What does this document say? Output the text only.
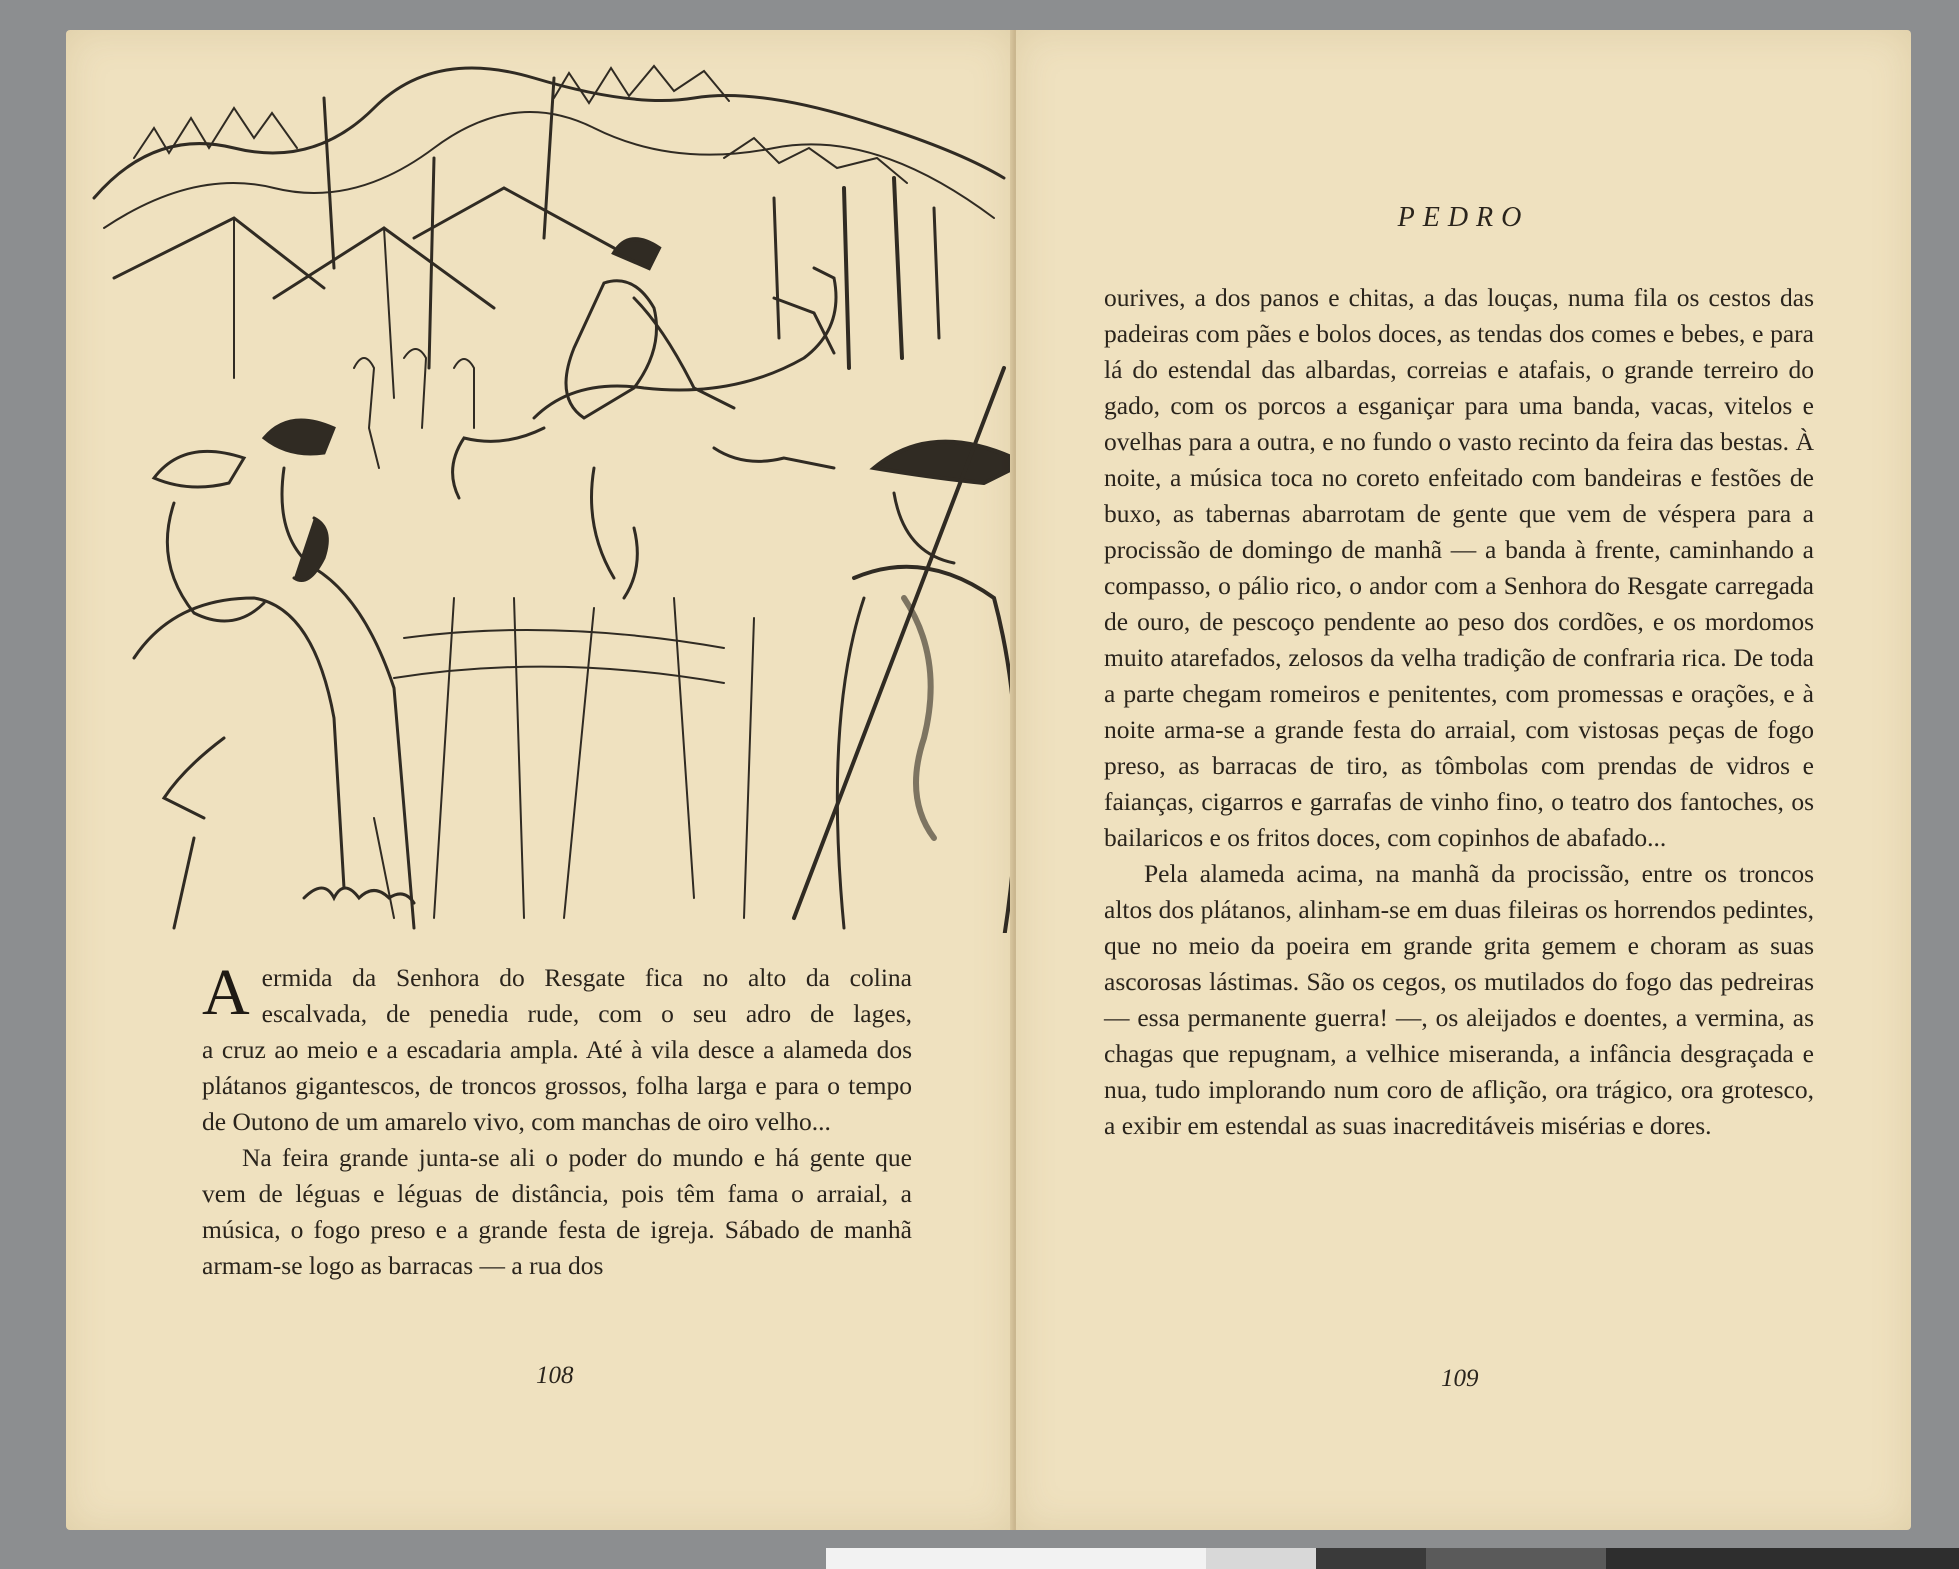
A ermida da Senhora do Resgate fica no alto da colina
escalvada, de penedia rude, com o seu adro de lages,
a cruz ao meio e a escadaria ampla. Até à vila desce a alameda dos plátanos gigantescos, de troncos grossos, folha larga e para o tempo de Outono de um amarelo vivo, com manchas de oiro velho...

Na feira grande junta-se ali o poder do mundo e há gente que vem de léguas e léguas de distância, pois têm fama o arraial, a música, o fogo preso e a grande festa de igreja. Sábado de manhã armam-se logo as barracas — a rua dos

108
PEDRO

ourives, a dos panos e chitas, a das louças, numa fila os cestos das padeiras com pães e bolos doces, as tendas dos comes e bebes, e para lá do estendal das albardas, correias e atafais, o grande terreiro do gado, com os porcos a esganiçar para uma banda, vacas, vitelos e ovelhas para a outra, e no fundo o vasto recinto da feira das bestas. À noite, a música toca no coreto enfeitado com bandeiras e festões de buxo, as tabernas abarrotam de gente que vem de véspera para a procissão de domingo de manhã — a banda à frente, caminhando a compasso, o pálio rico, o andor com a Senhora do Resgate carregada de ouro, de pescoço pendente ao peso dos cordões, e os mordomos muito atarefados, zelosos da velha tradição de confraria rica. De toda a parte chegam romeiros e penitentes, com promessas e orações, e à noite arma-se a grande festa do arraial, com vistosas peças de fogo preso, as barracas de tiro, as tômbolas com prendas de vidros e faianças, cigarros e garrafas de vinho fino, o teatro dos fantoches, os bailaricos e os fritos doces, com copinhos de abafado...

Pela alameda acima, na manhã da procissão, entre os troncos altos dos plátanos, alinham-se em duas fileiras os horrendos pedintes, que no meio da poeira em grande grita gemem e choram as suas ascorosas lástimas. São os cegos, os mutilados do fogo das pedreiras — essa permanente guerra! —, os aleijados e doentes, a vermina, as chagas que repugnam, a velhice miseranda, a infância desgraçada e nua, tudo implorando num coro de aflição, ora trágico, ora grotesco, a exibir em estendal as suas inacreditáveis misérias e dores.

109
